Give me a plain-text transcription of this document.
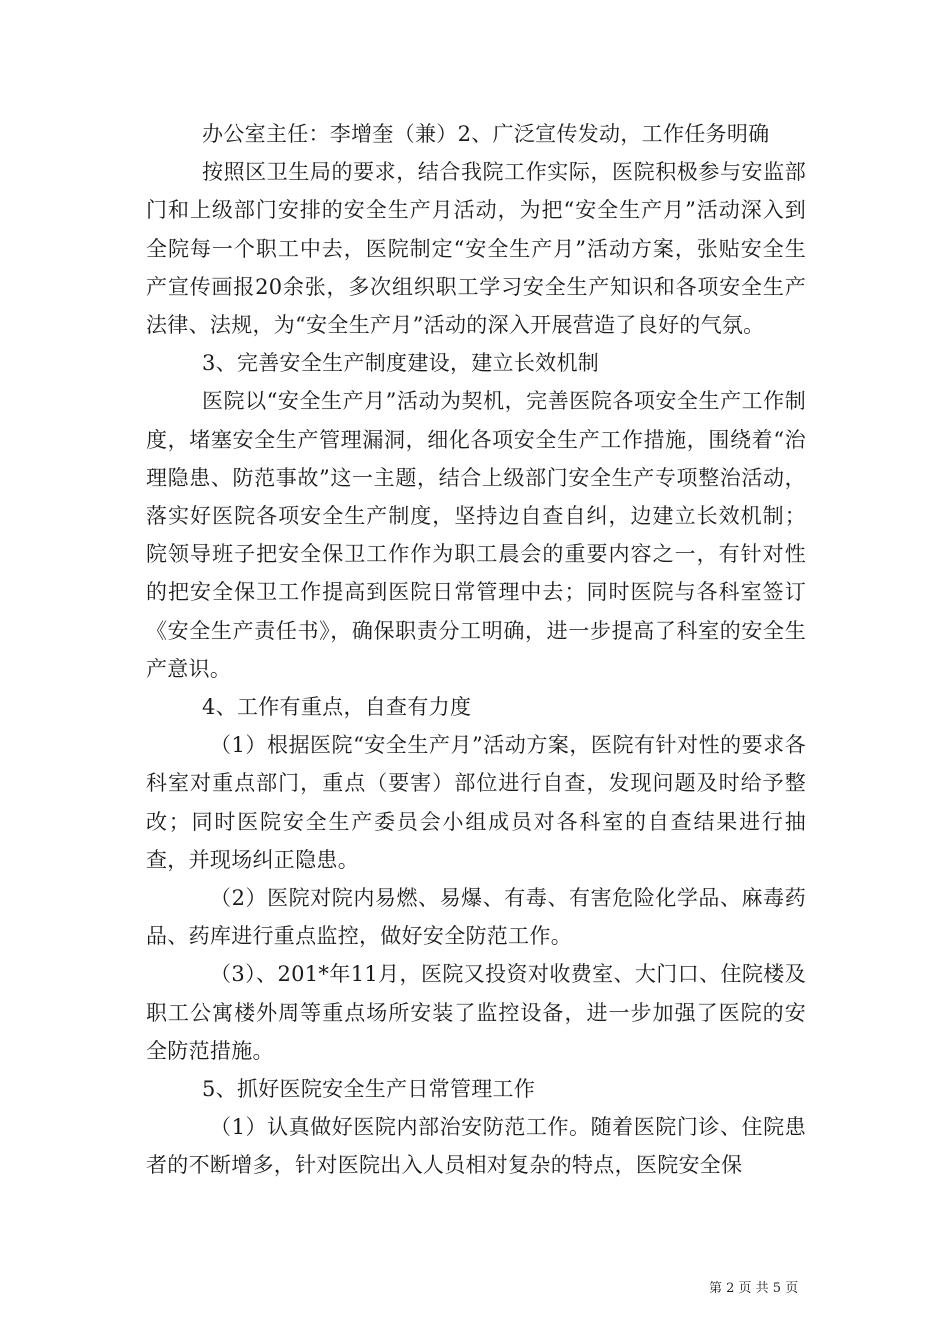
办公室主任：李增奎（兼）2、广泛宣传发动，工作任务明确

按照区卫生局的要求，结合我院工作实际，医院积极参与安监部门和上级部门安排的安全生产月活动，为把“安全生产月”活动深入到全院每一个职工中去，医院制定“安全生产月”活动方案，张贴安全生产宣传画报20余张，多次组织职工学习安全生产知识和各项安全生产法律、法规，为“安全生产月”活动的深入开展营造了良好的气氛。

3、完善安全生产制度建设，建立长效机制

医院以“安全生产月”活动为契机，完善医院各项安全生产工作制度，堵塞安全生产管理漏洞，细化各项安全生产工作措施，围绕着“治理隐患、防范事故”这一主题，结合上级部门安全生产专项整治活动，落实好医院各项安全生产制度，坚持边自查自纠，边建立长效机制；院领导班子把安全保卫工作作为职工晨会的重要内容之一，有针对性的把安全保卫工作提高到医院日常管理中去；同时医院与各科室签订《安全生产责任书》，确保职责分工明确，进一步提高了科室的安全生产意识。

4、工作有重点，自查有力度

（1）根据医院“安全生产月”活动方案，医院有针对性的要求各科室对重点部门，重点（要害）部位进行自查，发现问题及时给予整改；同时医院安全生产委员会小组成员对各科室的自查结果进行抽查，并现场纠正隐患。

（2）医院对院内易燃、易爆、有毒、有害危险化学品、麻毒药品、药库进行重点监控，做好安全防范工作。

（3）、201*年11月，医院又投资对收费室、大门口、住院楼及职工公寓楼外周等重点场所安装了监控设备，进一步加强了医院的安全防范措施。

5、抓好医院安全生产日常管理工作

（1）认真做好医院内部治安防范工作。随着医院门诊、住院患者的不断增多，针对医院出入人员相对复杂的特点，医院安全保

第 2 页 共 5 页
